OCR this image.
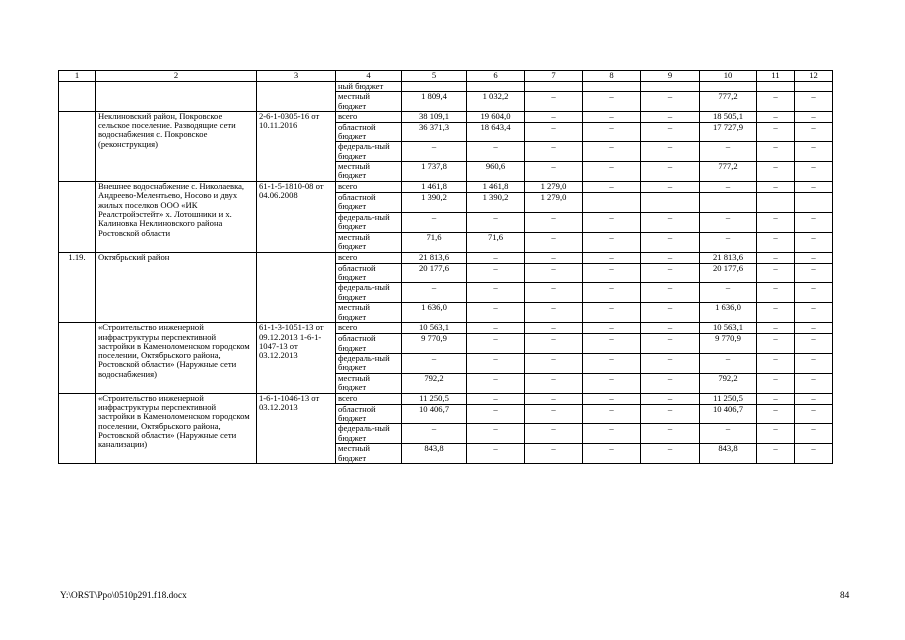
1	2	3	4	5	6	7	8	9	10	11	12
			ный бюджет								
			местный бюджет	1 809,4	1 032,2	–	–	–	777,2	–	–
	Неклиновский район, Покровское сельское поселение. Разводящие сети водоснабжения с. Покровское (реконструкция)	2-6-1-0305-16 от 10.11.2016	всего	38 109,1	19 604,0	–	–	–	18 505,1	–	–
			областной бюджет	36 371,3	18 643,4	–	–	–	17 727,9	–	–
			федераль-ный бюджет	–	–	–	–	–	–	–	–
			местный бюджет	1 737,8	960,6	–	–	–	777,2	–	–
	Внешнее водоснабжение с. Николаевка, Андреево-Мелентьево, Носово и двух жилых поселков ООО «ИК Реалстройэстейт» х. Лотошники и х. Калиновка Неклиновского района Ростовской области	61-1-5-1810-08 от 04.06.2008	всего	1 461,8	1 461,8	1 279,0	–	–	–	–	–
			областной бюджет	1 390,2	1 390,2	1 279,0					
			федераль-ный бюджет	–	–	–	–	–	–	–	–
			местный бюджет	71,6	71,6	–	–	–	–	–	–
1.19.	Октябрьский район		всего	21 813,6	–	–	–	–	21 813,6	–	–
			областной бюджет	20 177,6	–	–	–	–	20 177,6	–	–
			федераль-ный бюджет	–	–	–	–	–	–	–	–
			местный бюджет	1 636,0	–	–	–	–	1 636,0	–	–
	«Строительство инженерной инфраструктуры перспективной застройки в Каменоломенском городском поселении, Октябрьского района, Ростовской области» (Наружные сети водоснабжения)	61-1-3-1051-13 от 09.12.2013 1-6-1-1047-13 от 03.12.2013	всего	10 563,1	–	–	–	–	10 563,1	–	–
			областной бюджет	9 770,9	–	–	–	–	9 770,9	–	–
			федераль-ный бюджет	–	–	–	–	–	–	–	–
			местный бюджет	792,2	–	–	–	–	792,2	–	–
	«Строительство инженерной инфраструктуры перспективной застройки в Каменоломенском городском поселении, Октябрьского района, Ростовской области» (Наружные сети канализации)	1-6-1-1046-13 от 03.12.2013	всего	11 250,5	–	–	–	–	11 250,5	–	–
			областной бюджет	10 406,7	–	–	–	–	10 406,7	–	–
			федераль-ный бюджет	–	–	–	–	–	–	–	–
			местный бюджет	843,8	–	–	–	–	843,8	–	–
Y:\ORST\Ppo\0510p291.f18.docx	84
